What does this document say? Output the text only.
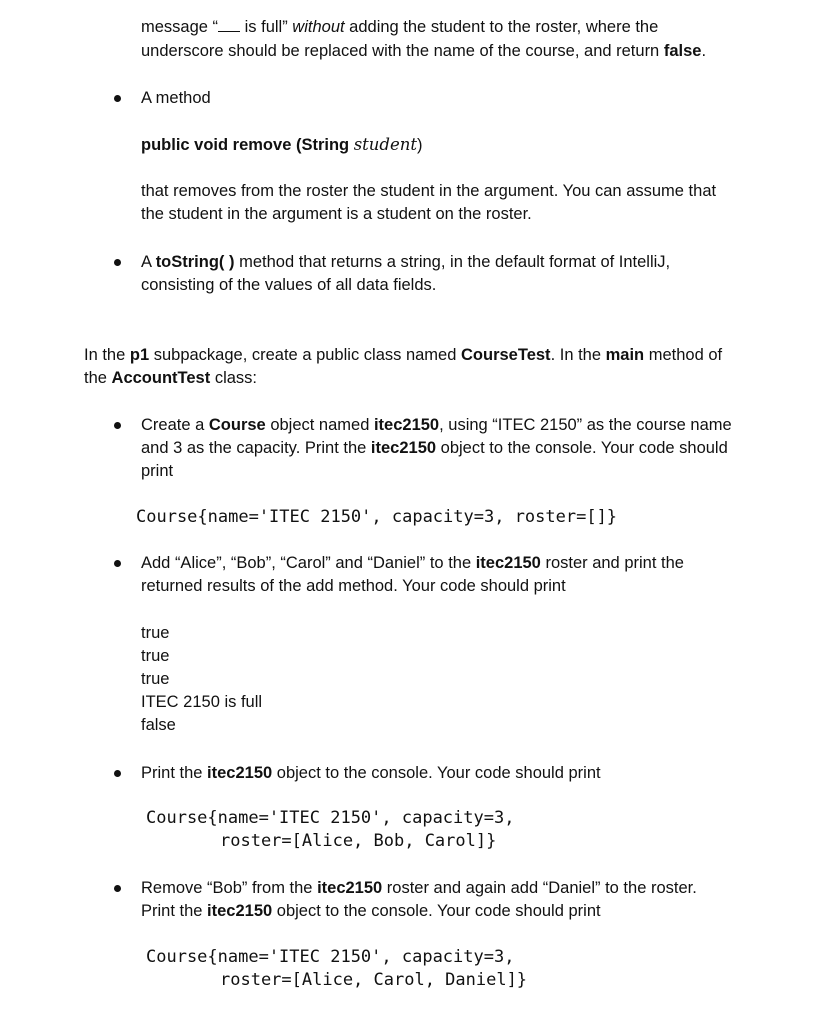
message “ is full” without adding the student to the roster, where the
underscore should be replaced with the name of the course, and return false.
A method
public void remove (String student)
that removes from the roster the student in the argument. You can assume that
the student in the argument is a student on the roster.
A toString( ) method that returns a string, in the default format of IntelliJ,
consisting of the values of all data fields.
In the p1 subpackage, create a public class named CourseTest. In the main method of
the AccountTest class:
Create a Course object named itec2150, using “ITEC 2150” as the course name
and 3 as the capacity. Print the itec2150 object to the console. Your code should
print
Course{name='ITEC 2150', capacity=3, roster=[]}
Add “Alice”, “Bob”, “Carol” and “Daniel” to the itec2150 roster and print the
returned results of the add method. Your code should print
true
true
true
ITEC 2150 is full
false
Print the itec2150 object to the console. Your code should print
Course{name='ITEC 2150', capacity=3,
roster=[Alice, Bob, Carol]}
Remove “Bob” from the itec2150 roster and again add “Daniel” to the roster.
Print the itec2150 object to the console. Your code should print
Course{name='ITEC 2150', capacity=3,
roster=[Alice, Carol, Daniel]}
